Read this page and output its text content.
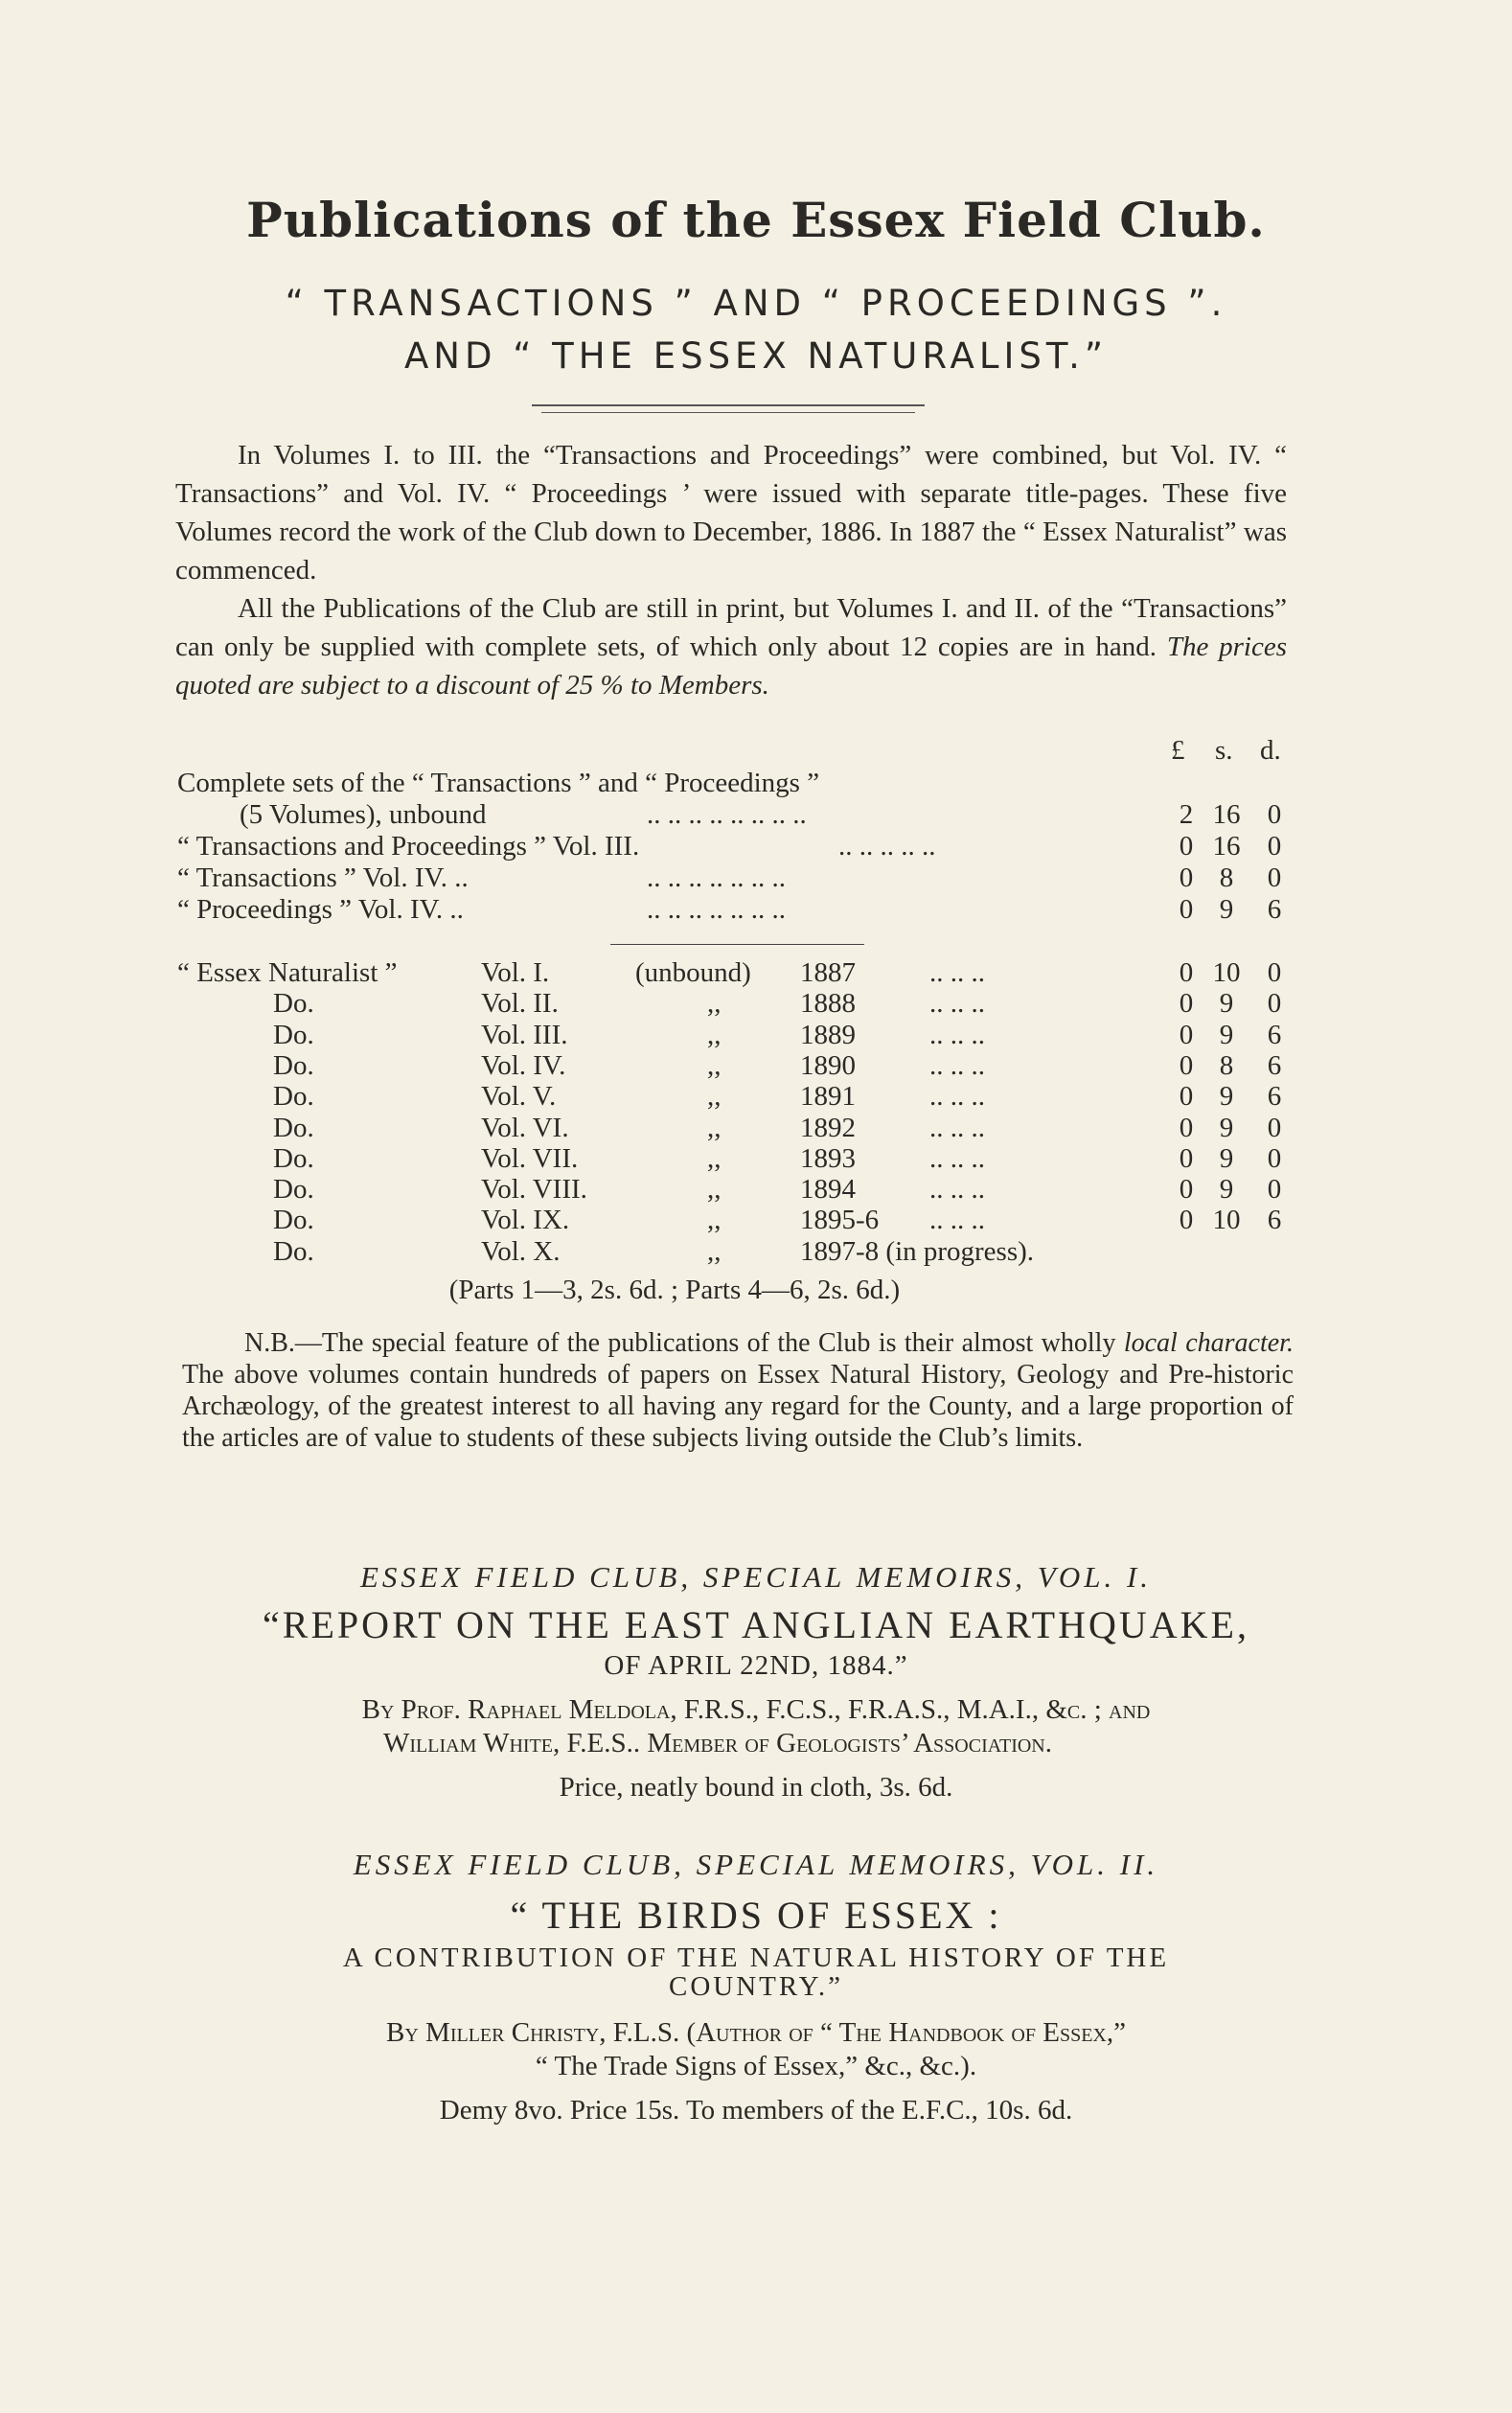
Publications of the Essex Field Club.
“ TRANSACTIONS ” AND “ PROCEEDINGS ”.
AND “ THE ESSEX NATURALIST.”
In Volumes I. to III. the “Transactions and Proceedings” were combined, but Vol. IV. “ Transactions” and Vol. IV. “ Proceedings ’ were issued with separate title-pages. These five Volumes record the work of the Club down to December, 1886. In 1887 the “ Essex Naturalist” was commenced.
All the Publications of the Club are still in print, but Volumes I. and II. of the “Transactions” can only be supplied with complete sets, of which only about 12 copies are in hand. The prices quoted are subject to a discount of 25 % to Members.
£ s. d.
Complete sets of the “ Transactions ” and “ Proceedings ”
(5 Volumes), unbound	.. .. .. .. .. .. .. ..	2 16 0
“ Transactions and Proceedings ” Vol. III.	.. .. .. .. ..	0 16 0
“ Transactions ” Vol. IV. ..	.. .. .. .. .. .. ..	0 8 0
“ Proceedings ” Vol. IV. ..	.. .. .. .. .. .. ..	0 9 6
“ Essex Naturalist ”	Vol. I.	(unbound) 1887	.. .. ..	0 10 0
Do.	Vol. II.	,,	1888	.. .. ..	0 9 0
Do.	Vol. III.	,,	1889	.. .. ..	0 9 6
Do.	Vol. IV.	,,	1890	.. .. ..	0 8 6
Do.	Vol. V.	,,	1891	.. .. ..	0 9 6
Do.	Vol. VI.	,,	1892	.. .. ..	0 9 0
Do.	Vol. VII.	,,	1893	.. .. ..	0 9 0
Do.	Vol. VIII.	,,	1894	.. .. ..	0 9 0
Do.	Vol. IX.	,,	1895-6 .. .. ..	0 10 6
Do.	Vol. X.	,,	1897-8 (in progress).
(Parts 1—3, 2s. 6d. ; Parts 4—6, 2s. 6d.)
N.B.—The special feature of the publications of the Club is their almost wholly local character. The above volumes contain hundreds of papers on Essex Natural History, Geology and Pre-historic Archæology, of the greatest interest to all having any regard for the County, and a large proportion of the articles are of value to students of these subjects living outside the Club’s limits.
ESSEX FIELD CLUB, SPECIAL MEMOIRS, VOL. I.
“REPORT ON THE EAST ANGLIAN EARTHQUAKE,
OF APRIL 22ND, 1884.”
By Prof. Raphael Meldola, F.R.S., F.C.S., F.R.A.S., M.A.I., &c. ; and
William White, F.E.S.. Member of Geologists’ Association.
Price, neatly bound in cloth, 3s. 6d.
ESSEX FIELD CLUB, SPECIAL MEMOIRS, VOL. II.
“ THE BIRDS OF ESSEX :
A CONTRIBUTION OF THE NATURAL HISTORY OF THE
COUNTRY.”
By Miller Christy, F.L.S. (Author of “ The Handbook of Essex,”
“ The Trade Signs of Essex,” &c., &c.).
Demy 8vo. Price 15s. To members of the E.F.C., 10s. 6d.
